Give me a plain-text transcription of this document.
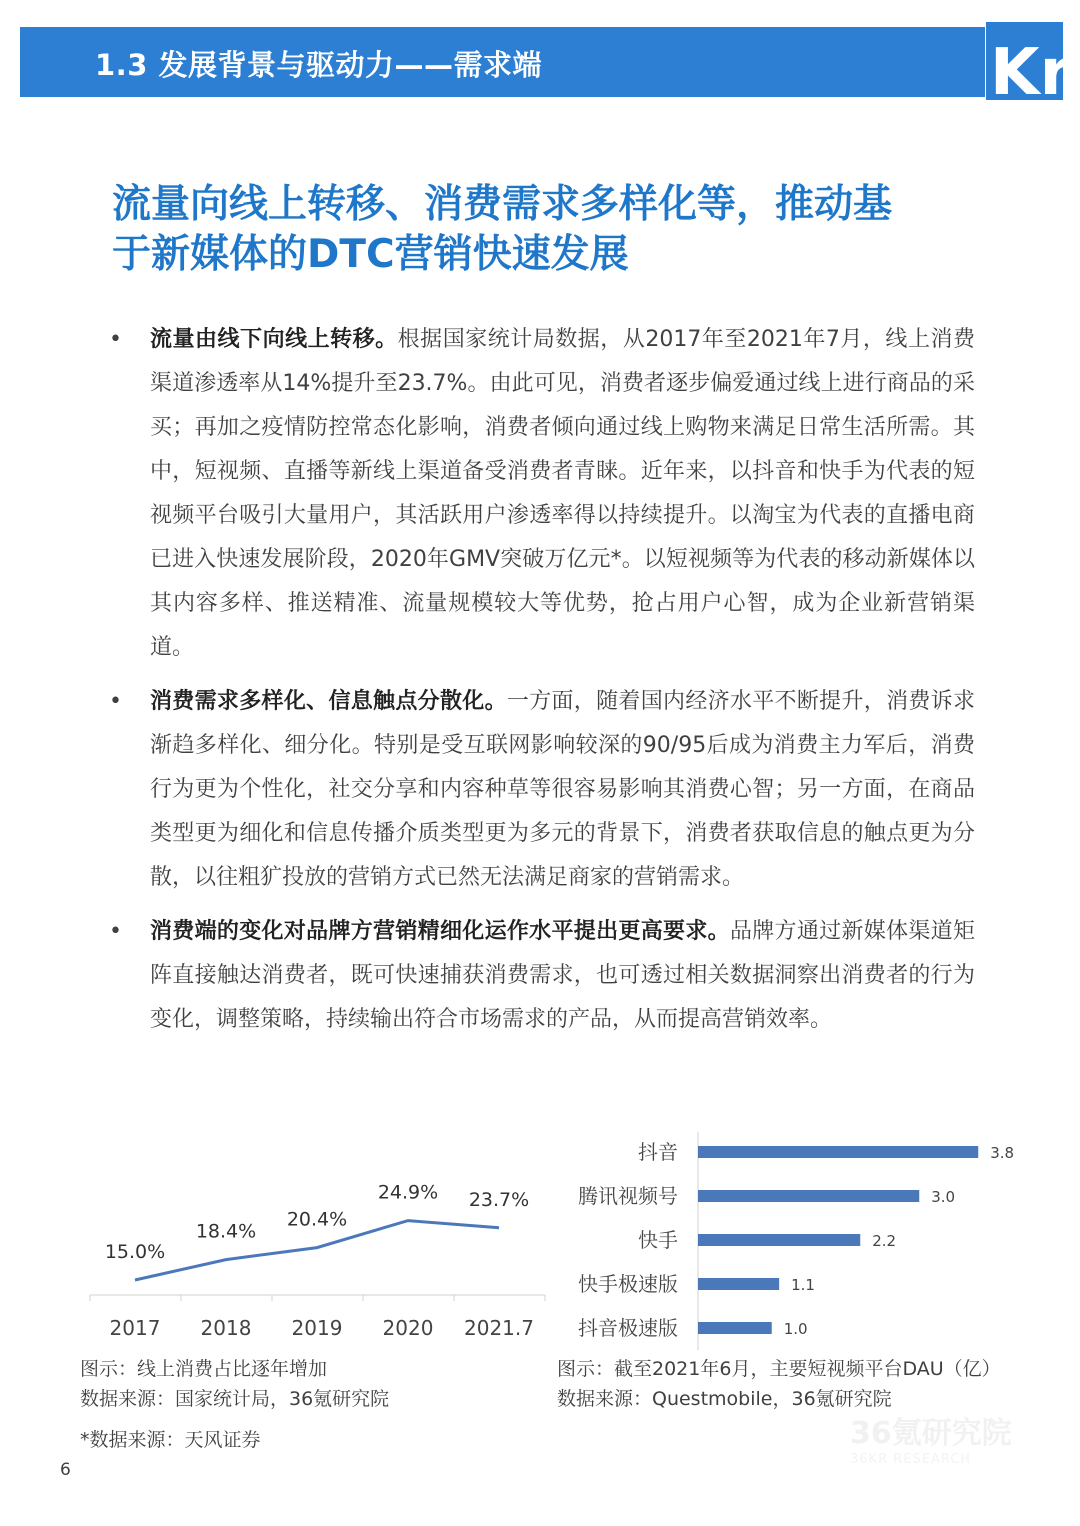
1.3 发展背景与驱动力——需求端	36 Kr
流量向线上转移、消费需求多样化等，推动基
于新媒体的DTC营销快速发展
• 流量由线下向线上转移。根据国家统计局数据，从2017年至2021年7月，线上消费渠道渗透率从14%提升至23.7%。由此可见，消费者逐步偏爱通过线上进行商品的采买；再加之疫情防控常态化影响，消费者倾向通过线上购物来满足日常生活所需。其中，短视频、直播等新线上渠道备受消费者青睐。近年来，以抖音和快手为代表的短视频平台吸引大量用户，其活跃用户渗透率得以持续提升。以淘宝为代表的直播电商已进入快速发展阶段，2020年GMV突破万亿元*。以短视频等为代表的移动新媒体以其内容多样、推送精准、流量规模较大等优势，抢占用户心智，成为企业新营销渠道。
• 消费需求多样化、信息触点分散化。一方面，随着国内经济水平不断提升，消费诉求渐趋多样化、细分化。特别是受互联网影响较深的90/95后成为消费主力军后，消费行为更为个性化，社交分享和内容种草等很容易影响其消费心智；另一方面，在商品类型更为细化和信息传播介质类型更为多元的背景下，消费者获取信息的触点更为分散，以往粗犷投放的营销方式已然无法满足商家的营销需求。
• 消费端的变化对品牌方营销精细化运作水平提出更高要求。品牌方通过新媒体渠道矩阵直接触达消费者，既可快速捕获消费需求，也可透过相关数据洞察出消费者的行为变化，调整策略，持续输出符合市场需求的产品，从而提高营销效率。
15.0%
18.4%
20.4%
24.9% 23.7%
2017 2018 2019 2020 2021.7
抖音	3.8
腾讯视频号	3.0
快手	2.2
快手极速版	1.1
抖音极速版	1.0
图示：线上消费占比逐年增加
数据来源：国家统计局，36氪研究院
图示：截至2021年6月，主要短视频平台DAU（亿）
数据来源：Questmobile，36氪研究院
*数据来源：天风证券
6
36氪研究院
36KR RESEARCH
